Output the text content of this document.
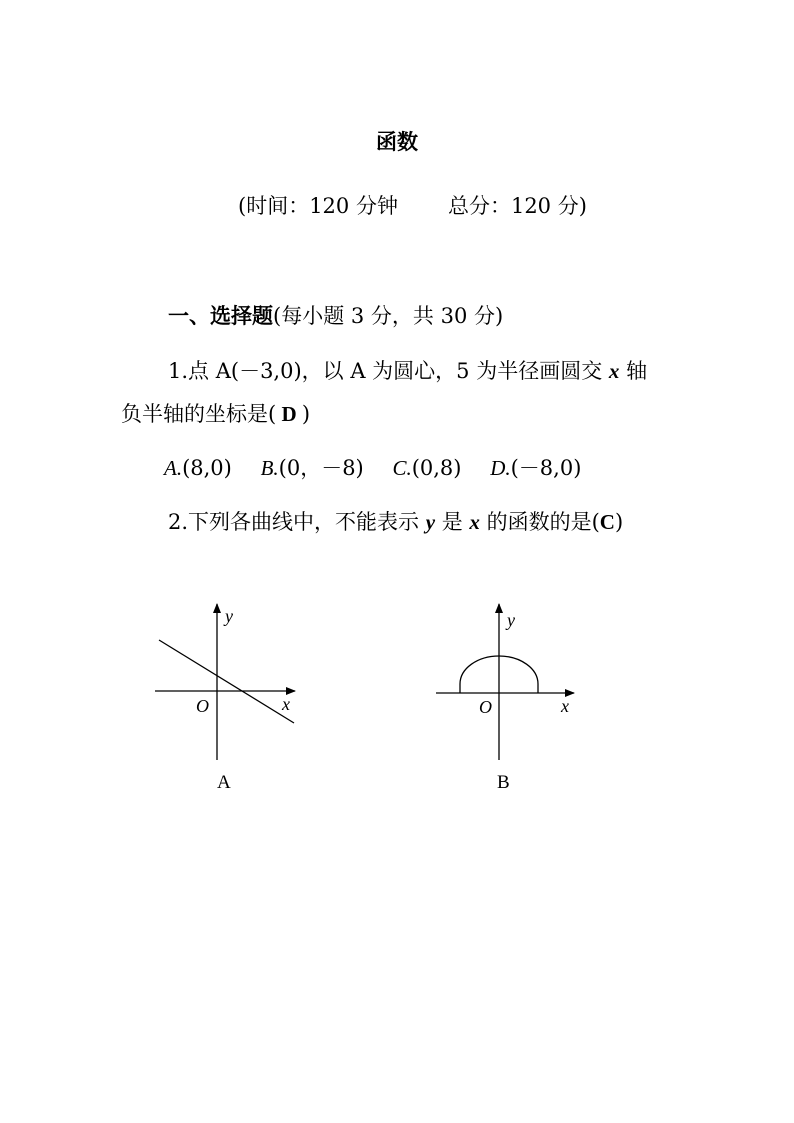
函数
(时间：120 分钟 总分：120 分)
一、选择题(每小题 3 分，共 30 分)
1.点 A(－3,0)，以 A 为圆心，5 为半径画圆交 x 轴
负半轴的坐标是( D )
A.(8,0) B.(0，－8) C.(0,8) D.(－8,0)
2.下列各曲线中，不能表示 y 是 x 的函数的是(C)
y
x
O
A
y
x
O
B
